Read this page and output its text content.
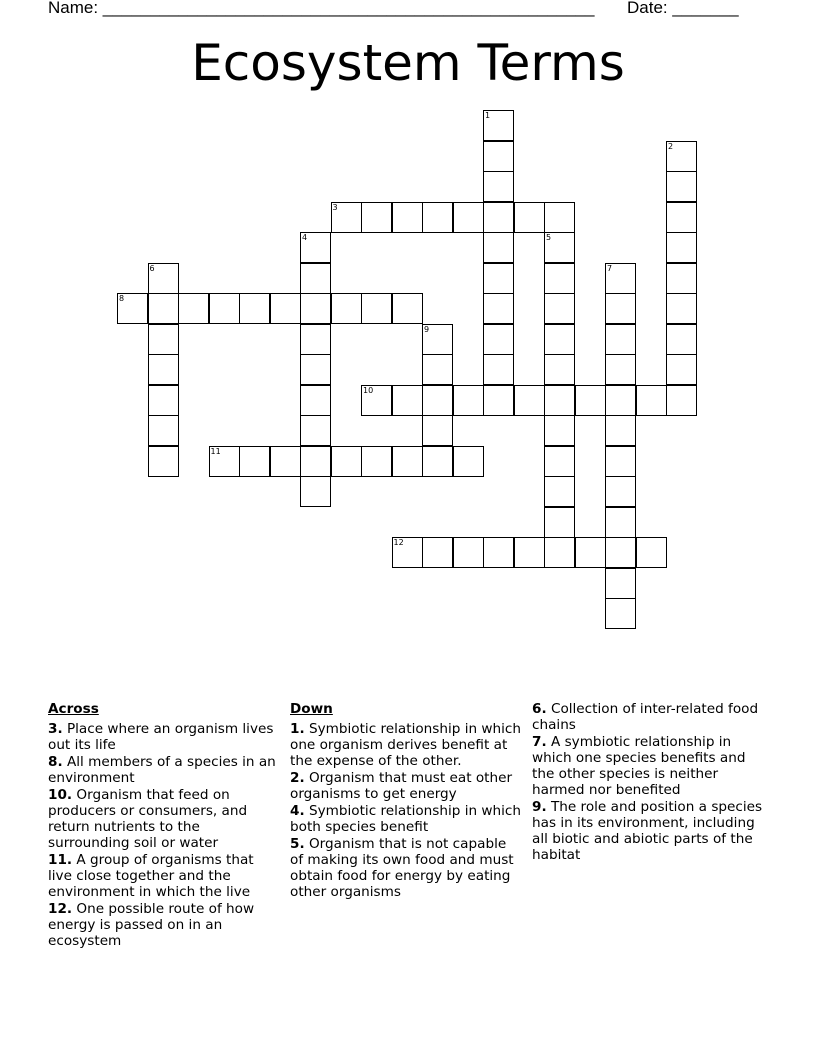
Name: ____________________________________________________ Date: _______
Ecosystem Terms
1
2
3
4	5
6	7
8
9
10
11
12
Across
3. Place where an organism lives out its life
8. All members of a species in an environment
10. Organism that feed on producers or consumers, and return nutrients to the surrounding soil or water
11. A group of organisms that live close together and the environment in which the live
12. One possible route of how energy is passed on in an ecosystem
Down
1. Symbiotic relationship in which one organism derives benefit at the expense of the other.
2. Organism that must eat other organisms to get energy
4. Symbiotic relationship in which both species benefit
5. Organism that is not capable of making its own food and must obtain food for energy by eating other organisms
6. Collection of inter-related food chains
7. A symbiotic relationship in which one species benefits and the other species is neither harmed nor benefited
9. The role and position a species has in its environment, including all biotic and abiotic parts of the habitat
